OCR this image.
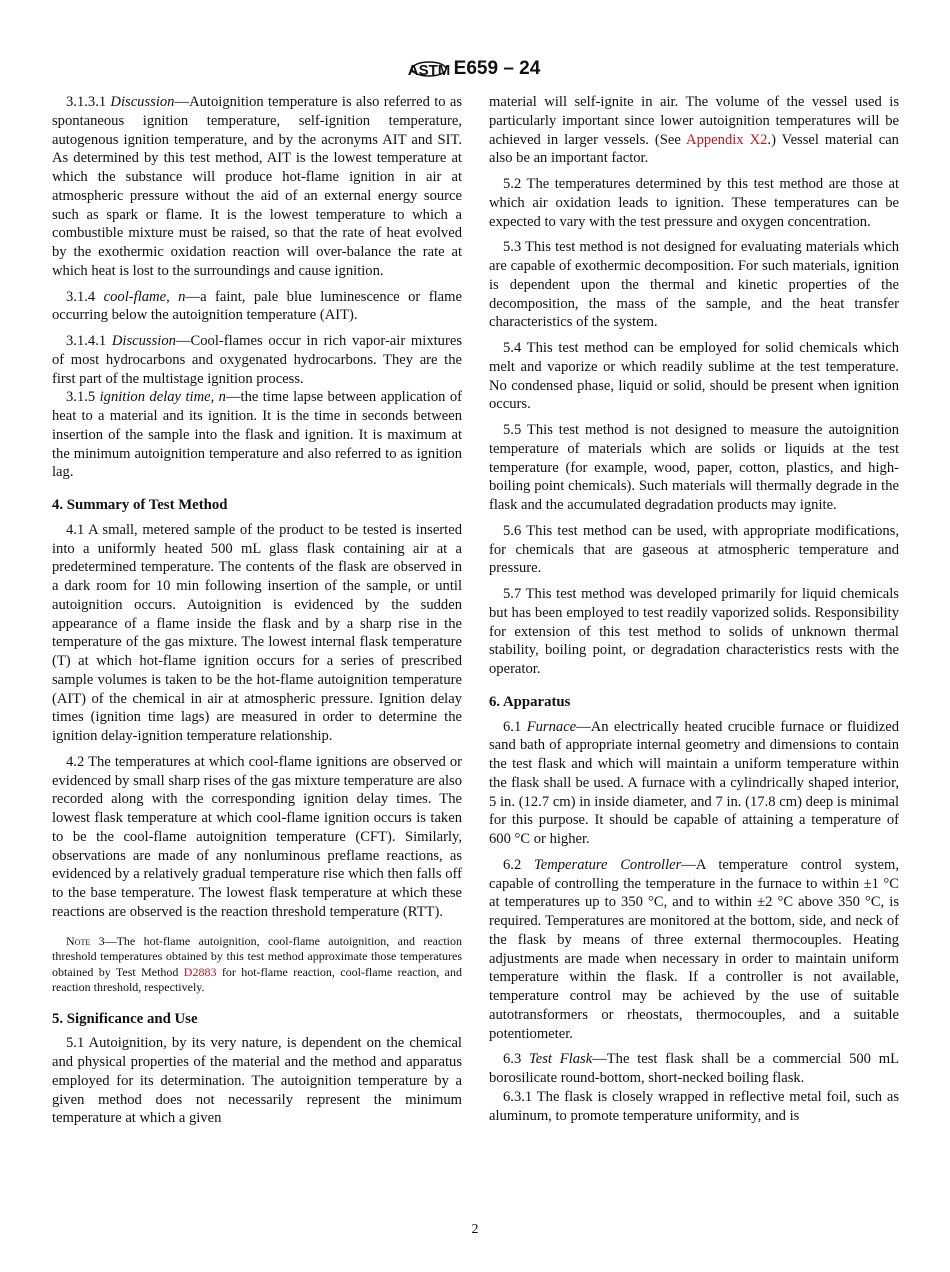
ASTM E659 – 24
3.1.3.1 Discussion—Autoignition temperature is also referred to as spontaneous ignition temperature, self-ignition temperature, autogenous ignition temperature, and by the acronyms AIT and SIT. As determined by this test method, AIT is the lowest temperature at which the substance will produce hot-flame ignition in air at atmospheric pressure without the aid of an external energy source such as spark or flame. It is the lowest temperature to which a combustible mixture must be raised, so that the rate of heat evolved by the exothermic oxidation reaction will over-balance the rate at which heat is lost to the surroundings and cause ignition.
3.1.4 cool-flame, n—a faint, pale blue luminescence or flame occurring below the autoignition temperature (AIT).
3.1.4.1 Discussion—Cool-flames occur in rich vapor-air mixtures of most hydrocarbons and oxygenated hydrocarbons. They are the first part of the multistage ignition process.
3.1.5 ignition delay time, n—the time lapse between application of heat to a material and its ignition. It is the time in seconds between insertion of the sample into the flask and ignition. It is maximum at the minimum autoignition temperature and also referred to as ignition lag.
4. Summary of Test Method
4.1 A small, metered sample of the product to be tested is inserted into a uniformly heated 500 mL glass flask containing air at a predetermined temperature. The contents of the flask are observed in a dark room for 10 min following insertion of the sample, or until autoignition occurs. Autoignition is evidenced by the sudden appearance of a flame inside the flask and by a sharp rise in the temperature of the gas mixture. The lowest internal flask temperature (T) at which hot-flame ignition occurs for a series of prescribed sample volumes is taken to be the hot-flame autoignition temperature (AIT) of the chemical in air at atmospheric pressure. Ignition delay times (ignition time lags) are measured in order to determine the ignition delay-ignition temperature relationship.
4.2 The temperatures at which cool-flame ignitions are observed or evidenced by small sharp rises of the gas mixture temperature are also recorded along with the corresponding ignition delay times. The lowest flask temperature at which cool-flame ignition occurs is taken to be the cool-flame autoignition temperature (CFT). Similarly, observations are made of any nonluminous preflame reactions, as evidenced by a relatively gradual temperature rise which then falls off to the base temperature. The lowest flask temperature at which these reactions are observed is the reaction threshold temperature (RTT).
Note 3—The hot-flame autoignition, cool-flame autoignition, and reaction threshold temperatures obtained by this test method approximate those temperatures obtained by Test Method D2883 for hot-flame reaction, cool-flame reaction, and reaction threshold, respectively.
5. Significance and Use
5.1 Autoignition, by its very nature, is dependent on the chemical and physical properties of the material and the method and apparatus employed for its determination. The autoignition temperature by a given method does not necessarily represent the minimum temperature at which a given
material will self-ignite in air. The volume of the vessel used is particularly important since lower autoignition temperatures will be achieved in larger vessels. (See Appendix X2.) Vessel material can also be an important factor.
5.2 The temperatures determined by this test method are those at which air oxidation leads to ignition. These temperatures can be expected to vary with the test pressure and oxygen concentration.
5.3 This test method is not designed for evaluating materials which are capable of exothermic decomposition. For such materials, ignition is dependent upon the thermal and kinetic properties of the decomposition, the mass of the sample, and the heat transfer characteristics of the system.
5.4 This test method can be employed for solid chemicals which melt and vaporize or which readily sublime at the test temperature. No condensed phase, liquid or solid, should be present when ignition occurs.
5.5 This test method is not designed to measure the autoignition temperature of materials which are solids or liquids at the test temperature (for example, wood, paper, cotton, plastics, and high-boiling point chemicals). Such materials will thermally degrade in the flask and the accumulated degradation products may ignite.
5.6 This test method can be used, with appropriate modifications, for chemicals that are gaseous at atmospheric temperature and pressure.
5.7 This test method was developed primarily for liquid chemicals but has been employed to test readily vaporized solids. Responsibility for extension of this test method to solids of unknown thermal stability, boiling point, or degradation characteristics rests with the operator.
6. Apparatus
6.1 Furnace—An electrically heated crucible furnace or fluidized sand bath of appropriate internal geometry and dimensions to contain the test flask and which will maintain a uniform temperature within the flask shall be used. A furnace with a cylindrically shaped interior, 5 in. (12.7 cm) in inside diameter, and 7 in. (17.8 cm) deep is minimal for this purpose. It should be capable of attaining a temperature of 600 °C or higher.
6.2 Temperature Controller—A temperature control system, capable of controlling the temperature in the furnace to within ±1 °C at temperatures up to 350 °C, and to within ±2 °C above 350 °C, is required. Temperatures are monitored at the bottom, side, and neck of the flask by means of three external thermocouples. Heating adjustments are made when necessary in order to maintain uniform temperature within the flask. If a controller is not available, temperature control may be achieved by the use of suitable autotransformers or rheostats, thermocouples, and a suitable potentiometer.
6.3 Test Flask—The test flask shall be a commercial 500 mL borosilicate round-bottom, short-necked boiling flask.
6.3.1 The flask is closely wrapped in reflective metal foil, such as aluminum, to promote temperature uniformity, and is
2
